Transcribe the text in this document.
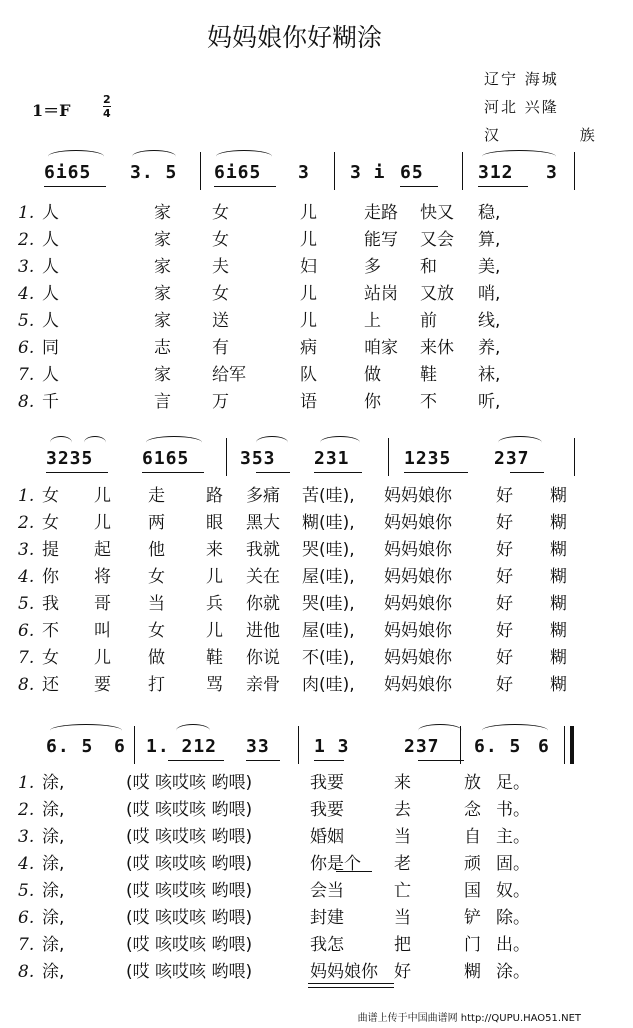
妈妈娘你好糊涂
辽宁 海城
河北 兴隆
汉 族
1＝F
2
4
6i65 3. 5 6i65 3 3 i 65	312 3
1. 人	家 女	儿	走路 快又 稳,
2. 人	家 女	儿	能写 又会 算,
3. 人	家 夫	妇	多 和 美,
4. 人	家 女	儿	站岗 又放 哨,
5. 人	家 送	儿	上 前 线,
6. 同	志 有	病	咱家 来休 养,
7. 人	家 给军	队	做 鞋 袜,
8. 千	言 万	语	你 不 听,
3235	6165	353 231	1235 237
1. 女 儿 走 路 多痛 苦(哇), 妈妈娘你	好 糊
2. 女 儿 两 眼 黑大 糊(哇), 妈妈娘你	好 糊
3. 提 起 他 来 我就 哭(哇), 妈妈娘你	好 糊
4. 你 将 女 儿 关在 屋(哇), 妈妈娘你	好 糊
5. 我 哥 当 兵 你就 哭(哇), 妈妈娘你	好 糊
6. 不 叫 女 儿 进他 屋(哇), 妈妈娘你	好 糊
7. 女 儿 做 鞋 你说 不(哇), 妈妈娘你	好 糊
8. 还 要 打 骂 亲骨 肉(哇), 妈妈娘你	好 糊
6. 5 6 1. 212 33 1 3	237 6. 5 6
1. 涂,	(哎 咳哎咳 哟喂)	我要	来	放 足。
2. 涂,	(哎 咳哎咳 哟喂)	我要	去	念 书。
3. 涂,	(哎 咳哎咳 哟喂)	婚姻	当	自 主。
4. 涂,	(哎 咳哎咳 哟喂)	你是个 老	顽 固。
5. 涂,	(哎 咳哎咳 哟喂)	会当	亡	国 奴。
6. 涂,	(哎 咳哎咳 哟喂)	封建	当	铲 除。
7. 涂,	(哎 咳哎咳 哟喂)	我怎	把	门 出。
8. 涂,	(哎 咳哎咳 哟喂)	妈妈娘你 好	糊 涂。
曲谱上传于中国曲谱网 http://QUPU.HAO51.NET
